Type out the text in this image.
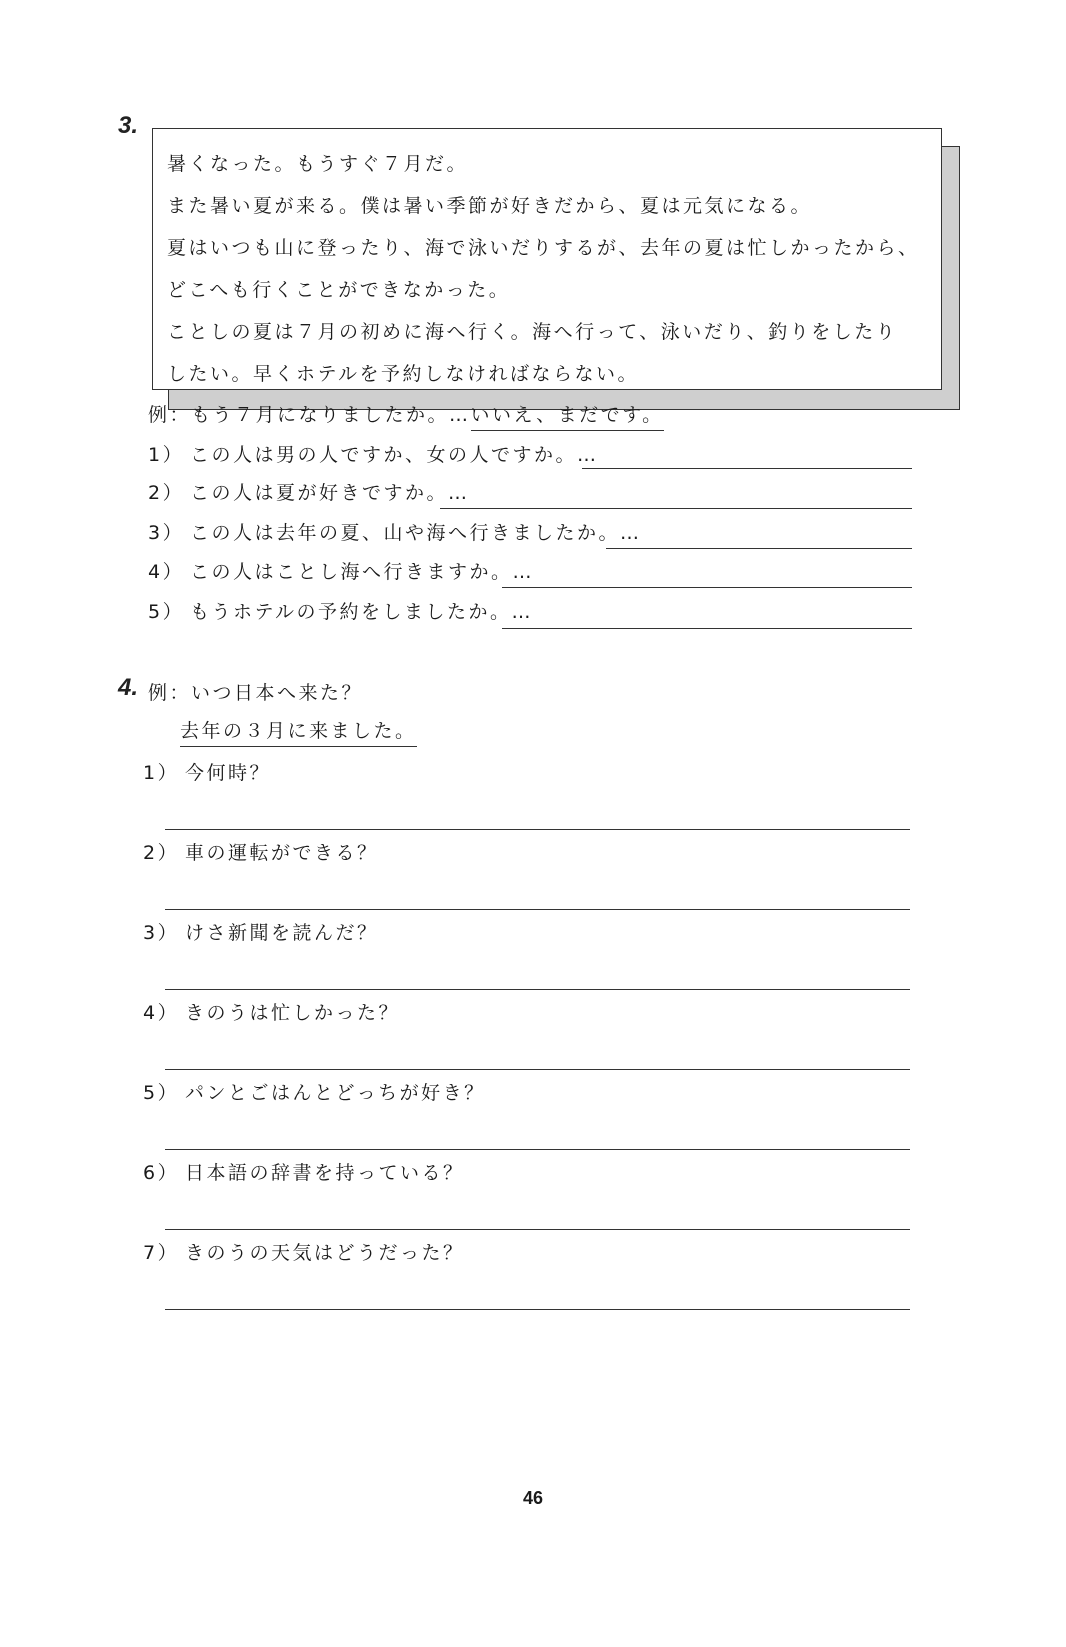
3.
暑くなった。もうすぐ７月だ。
また暑い夏が来る。僕は暑い季節が好きだから、夏は元気になる。
夏はいつも山に登ったり、海で泳いだりするが、去年の夏は忙しかったから、
どこへも行くことができなかった。
ことしの夏は７月の初めに海へ行く。海へ行って、泳いだり、釣りをしたり
したい。早くホテルを予約しなければならない。
例：もう７月になりましたか。…いいえ、まだです。
1） この人は男の人ですか、女の人ですか。…
2） この人は夏が好きですか。…
3） この人は去年の夏、山や海へ行きましたか。…
4） この人はことし海へ行きますか。…
5） もうホテルの予約をしましたか。…
4. 例：いつ日本へ来た？
去年の３月に来ました。
1） 今何時？
2） 車の運転ができる？
3） けさ新聞を読んだ？
4） きのうは忙しかった？
5） パンとごはんとどっちが好き？
6） 日本語の辞書を持っている？
7） きのうの天気はどうだった？
46
